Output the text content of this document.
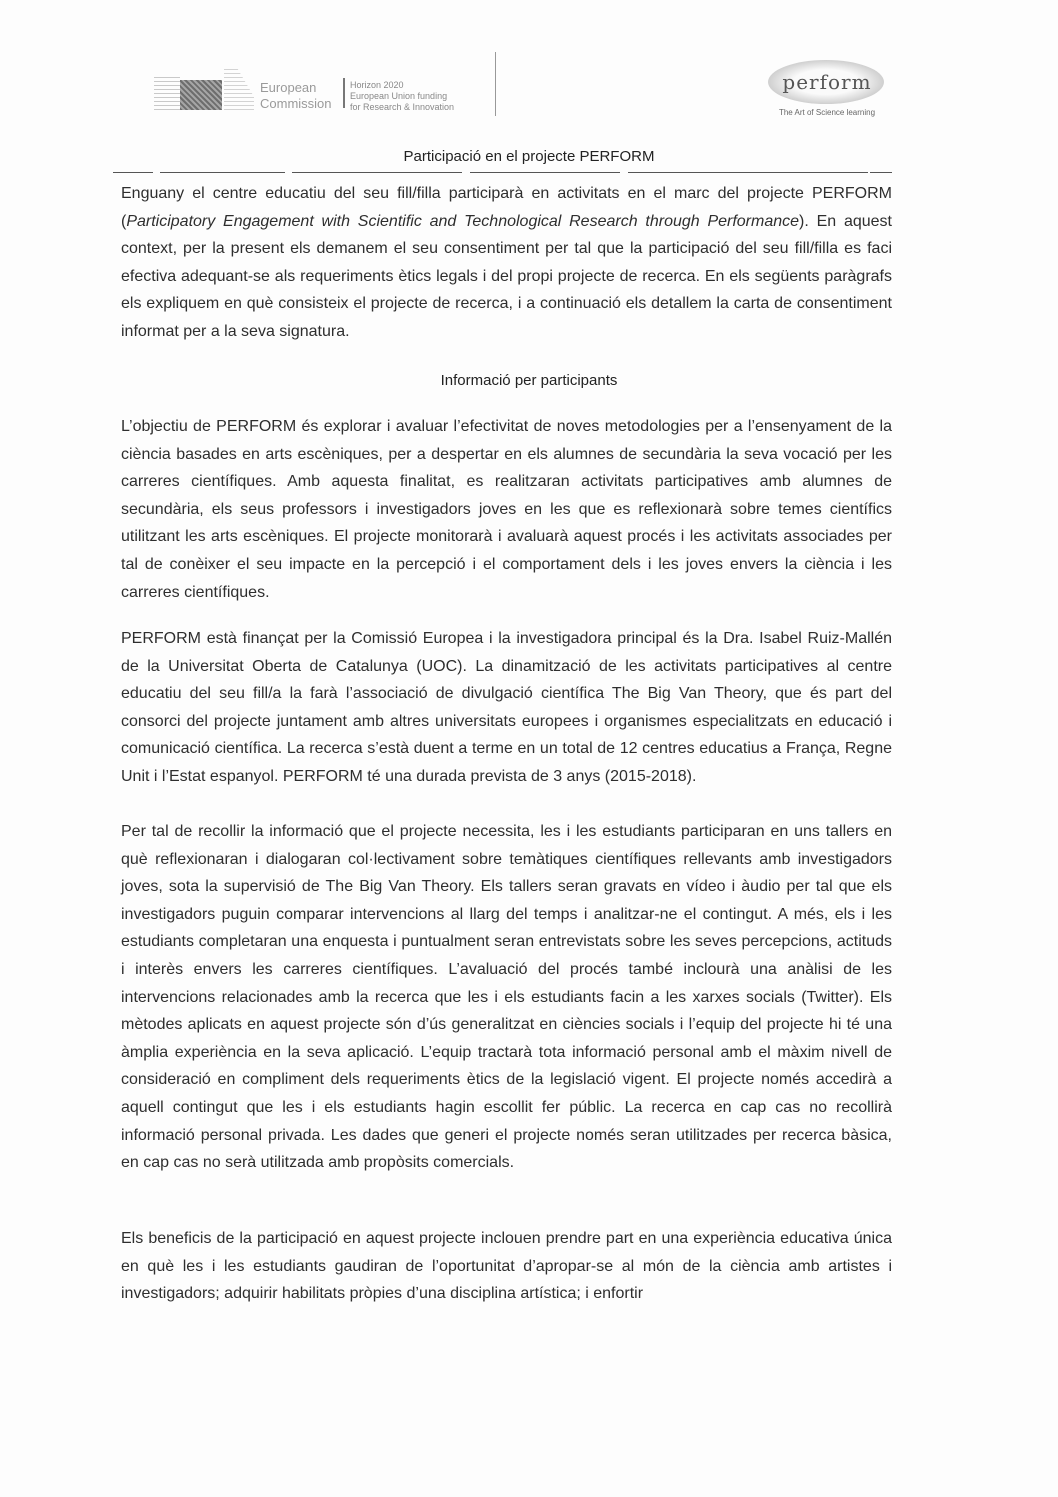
European
Commission
Horizon 2020
European Union funding
for Research & Innovation
perform
The Art of Science learning
Participació en el projecte PERFORM

Enguany el centre educatiu del seu fill/filla participarà en activitats en el marc del projecte PERFORM (Participatory Engagement with Scientific and Technological Research through Performance). En aquest context, per la present els demanem el seu consentiment per tal que la participació del seu fill/filla es faci efectiva adequant-se als requeriments ètics legals i del propi projecte de recerca. En els següents paràgrafs els expliquem en què consisteix el projecte de recerca, i a continuació els detallem la carta de consentiment informat per a la seva signatura.

Informació per participants

L’objectiu de PERFORM és explorar i avaluar l’efectivitat de noves metodologies per a l’ensenyament de la ciència basades en arts escèniques, per a despertar en els alumnes de secundària la seva vocació per les carreres científiques. Amb aquesta finalitat, es realitzaran activitats participatives amb alumnes de secundària, els seus professors i investigadors joves en les que es reflexionarà sobre temes científics utilitzant les arts escèniques. El projecte monitorarà i avaluarà aquest procés i les activitats associades per tal de conèixer el seu impacte en la percepció i el comportament dels i les joves envers la ciència i les carreres científiques.

PERFORM està finançat per la Comissió Europea i la investigadora principal és la Dra. Isabel Ruiz-Mallén de la Universitat Oberta de Catalunya (UOC). La dinamització de les activitats participatives al centre educatiu del seu fill/a la farà l’associació de divulgació científica The Big Van Theory, que és part del consorci del projecte juntament amb altres universitats europees i organismes especialitzats en educació i comunicació científica. La recerca s’està duent a terme en un total de 12 centres educatius a França, Regne Unit i l’Estat espanyol. PERFORM té una durada prevista de 3 anys (2015-2018).

Per tal de recollir la informació que el projecte necessita, les i les estudiants participaran en uns tallers en què reflexionaran i dialogaran col·lectivament sobre temàtiques científiques rellevants amb investigadors joves, sota la supervisió de The Big Van Theory. Els tallers seran gravats en vídeo i àudio per tal que els investigadors puguin comparar intervencions al llarg del temps i analitzar-ne el contingut. A més, els i les estudiants completaran una enquesta i puntualment seran entrevistats sobre les seves percepcions, actituds i interès envers les carreres científiques. L’avaluació del procés també inclourà una anàlisi de les intervencions relacionades amb la recerca que les i els estudiants facin a les xarxes socials (Twitter). Els mètodes aplicats en aquest projecte són d’ús generalitzat en ciències socials i l’equip del projecte hi té una àmplia experiència en la seva aplicació. L’equip tractarà tota informació personal amb el màxim nivell de consideració en compliment dels requeriments ètics de la legislació vigent. El projecte només accedirà a aquell contingut que les i els estudiants hagin escollit fer públic. La recerca en cap cas no recollirà informació personal privada. Les dades que generi el projecte només seran utilitzades per recerca bàsica, en cap cas no serà utilitzada amb propòsits comercials.

Els beneficis de la participació en aquest projecte inclouen prendre part en una experiència educativa única en què les i les estudiants gaudiran de l’oportunitat d’apropar-se al món de la ciència amb artistes i investigadors; adquirir habilitats pròpies d’una disciplina artística; i enfortir
